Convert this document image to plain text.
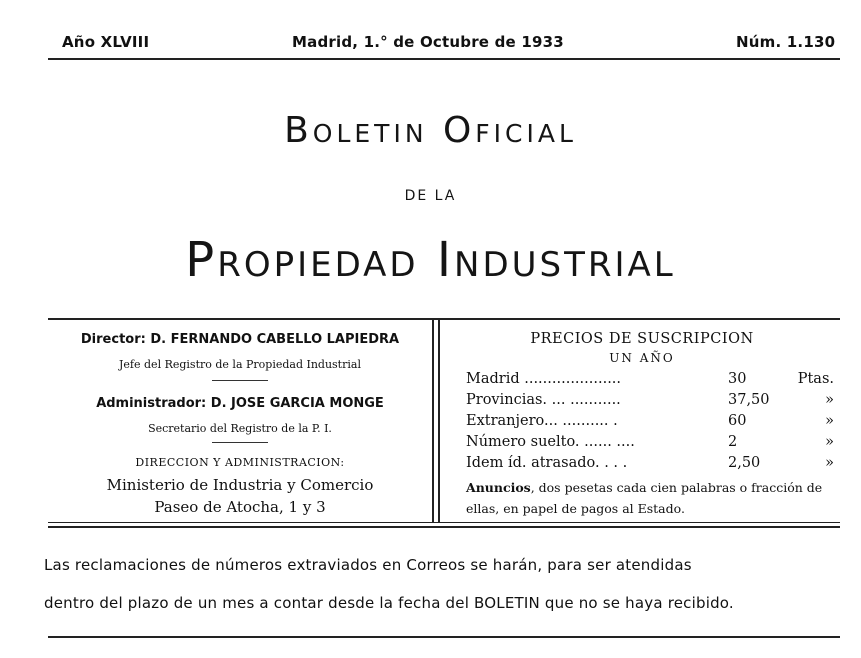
Año XLVIII	Madrid, 1.° de Octubre de 1933	Núm. 1.130
Boletin Oficial
DE LA
Propiedad Industrial
Director: D. FERNANDO CABELLO LAPIEDRA
Jefe del Registro de la Propiedad Industrial
Administrador: D. JOSE GARCIA MONGE
Secretario del Registro de la P. I.
DIRECCION Y ADMINISTRACION:
Ministerio de Industria y Comercio
Paseo de Atocha, 1 y 3
PRECIOS DE SUSCRIPCION
UN AÑO
Madrid .....................	30	Ptas.
Provincias. ... ...........	37,50	»
Extranjero... .......... .	60	»
Número suelto. ...... ....	2	»
Idem íd. atrasado. . . .	2,50	»
Anuncios, dos pesetas cada cien palabras o fracción de ellas, en papel de pagos al Estado.
Las reclamaciones de números extraviados en Correos se harán, para ser atendidas
dentro del plazo de un mes a contar desde la fecha del BOLETIN que no se haya recibido.
